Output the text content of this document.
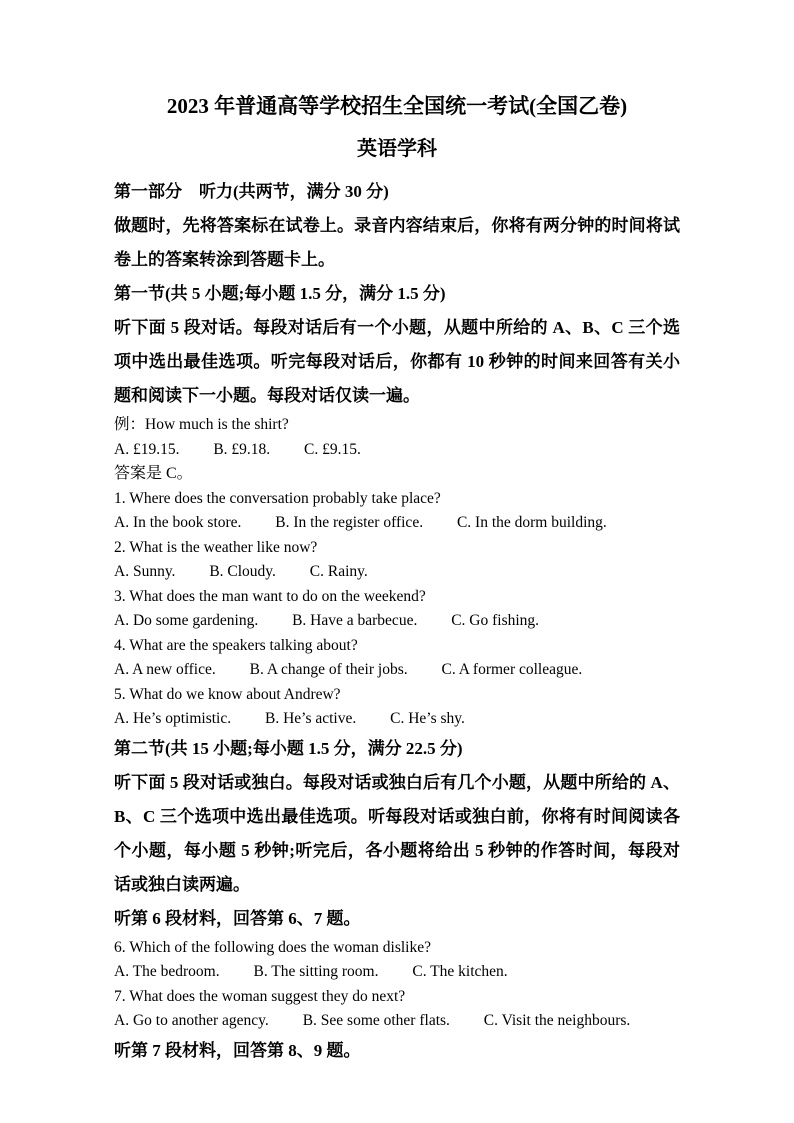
2023 年普通高等学校招生全国统一考试(全国乙卷)
英语学科

第一部分　听力(共两节，满分 30 分)

做题时，先将答案标在试卷上。录音内容结束后，你将有两分钟的时间将试卷上的答案转涂到答题卡上。

第一节(共 5 小题;每小题 1.5 分，满分 1.5 分)

听下面 5 段对话。每段对话后有一个小题，从题中所给的 A、B、C 三个选项中选出最佳选项。听完每段对话后，你都有 10 秒钟的时间来回答有关小题和阅读下一小题。每段对话仅读一遍。

例：How much is the shirt?

A. £19.15. B. £9.18. C. £9.15.

答案是 C。

1. Where does the conversation probably take place?

A. In the book store. B. In the register office. C. In the dorm building.

2. What is the weather like now?

A. Sunny. B. Cloudy. C. Rainy.

3. What does the man want to do on the weekend?

A. Do some gardening. B. Have a barbecue. C. Go fishing.

4. What are the speakers talking about?

A. A new office. B. A change of their jobs. C. A former colleague.

5. What do we know about Andrew?

A. He’s optimistic. B. He’s active. C. He’s shy.

第二节(共 15 小题;每小题 1.5 分，满分 22.5 分)

听下面 5 段对话或独白。每段对话或独白后有几个小题，从题中所给的 A、B、C 三个选项中选出最佳选项。听每段对话或独白前，你将有时间阅读各个小题，每小题 5 秒钟;听完后，各小题将给出 5 秒钟的作答时间，每段对话或独白读两遍。

听第 6 段材料，回答第 6、7 题。

6. Which of the following does the woman dislike?

A. The bedroom. B. The sitting room. C. The kitchen.

7. What does the woman suggest they do next?

A. Go to another agency. B. See some other flats. C. Visit the neighbours.

听第 7 段材料，回答第 8、9 题。
